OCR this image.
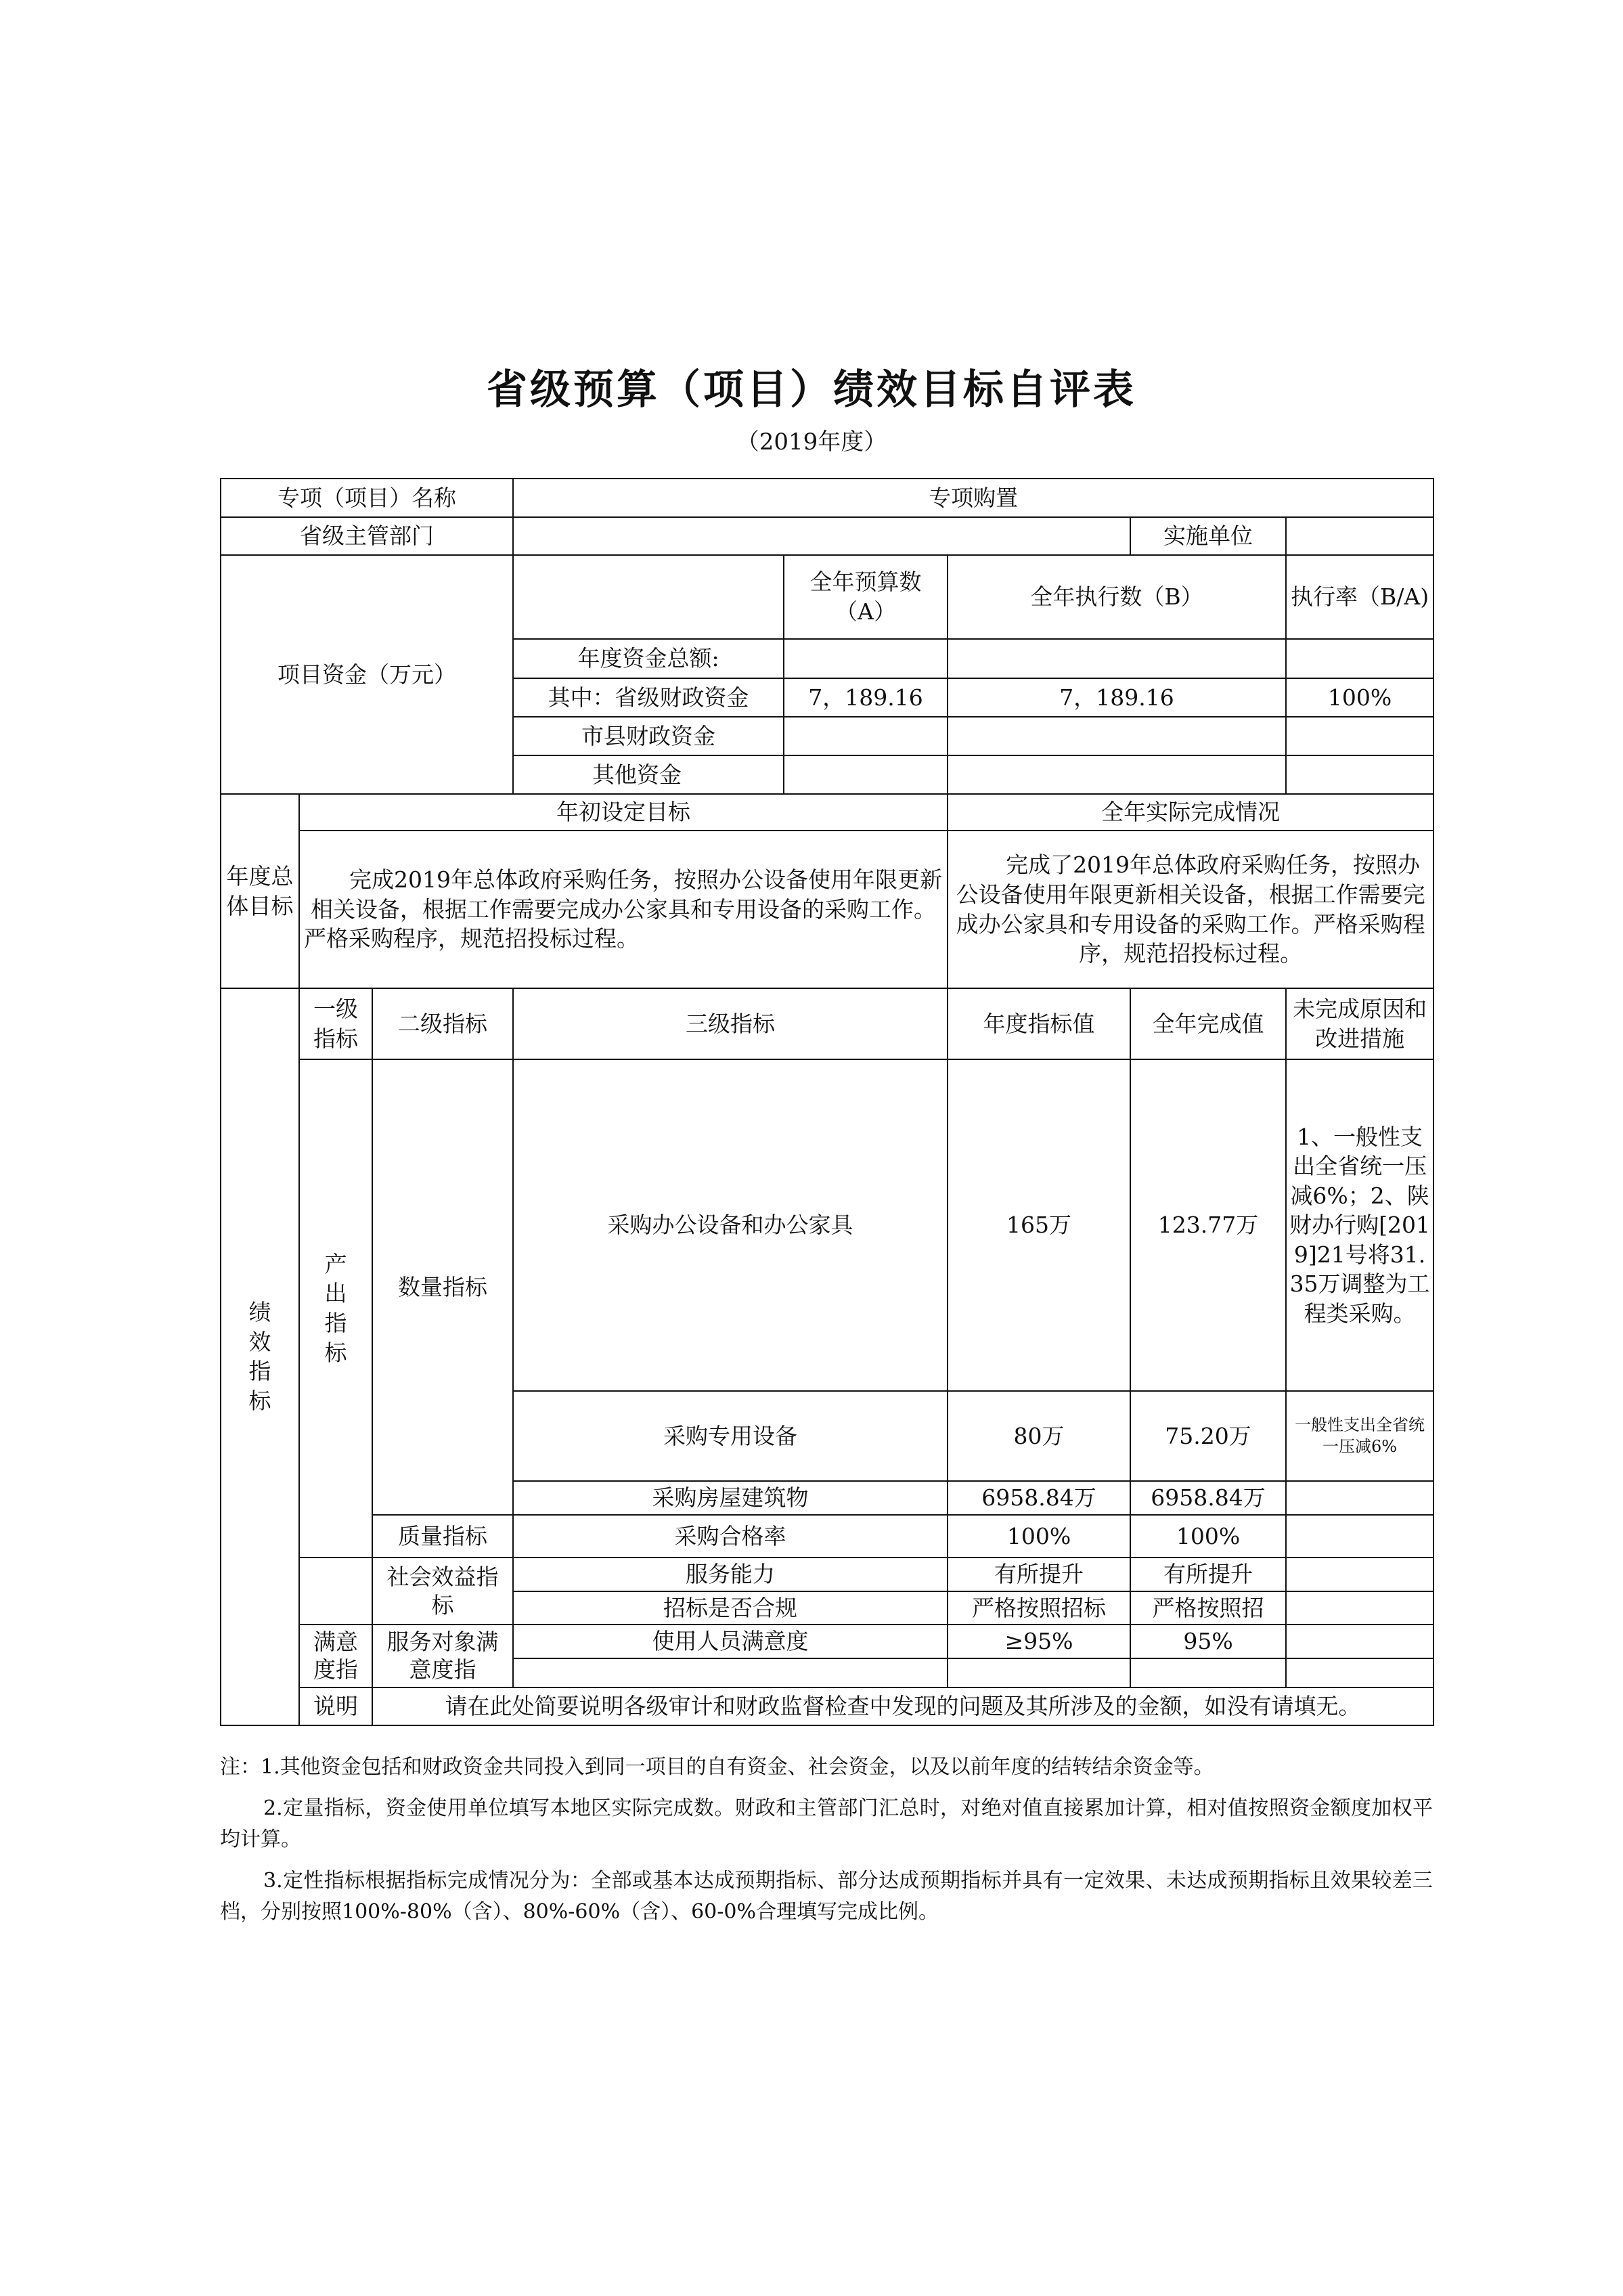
省级预算（项目）绩效目标自评表
（2019年度）
专项（项目）名称			专项购置				
省级主管部门						实施单位	
项目资金（万元）				全年预算数（A）	全年执行数（B）		执行率（B/A)
			年度资金总额:				
			其中：省级财政资金	7，189.16	7，189.16		100%
			市县财政资金				
			其他资金				
年度总体目标	年初设定目标				全年实际完成情况		
	完成2019年总体政府采购任务，按照办公设备使用年限更新相关设备，根据工作需要完成办公家具和专用设备的采购工作。严格采购程序，规范招投标过程。				完成了2019年总体政府采购任务，按照办公设备使用年限更新相关设备，根据工作需要完成办公家具和专用设备的采购工作。严格采购程序，规范招投标过程。		
绩效指标	一级指标	二级指标	三级指标		年度指标值	全年完成值	未完成原因和改进措施
	产出指标	数量指标	采购办公设备和办公家具		165万	123.77万	1、一般性支出全省统一压减6%；2、陕财办行购[2019]21号将31.35万调整为工程类采购。
			采购专用设备		80万	75.20万	一般性支出全省统一压减6%
			采购房屋建筑物		6958.84万	6958.84万	
		质量指标	采购合格率		100%	100%	
		社会效益指标	服务能力		有所提升	有所提升	
			招标是否合规		严格按照招标	严格按照招	
	满意度指	服务对象满意度指	使用人员满意度		≥95%	95%	

	说明	请在此处简要说明各级审计和财政监督检查中发现的问题及其所涉及的金额，如没有请填无。					

注：1.其他资金包括和财政资金共同投入到同一项目的自有资金、社会资金，以及以前年度的结转结余资金等。

2.定量指标，资金使用单位填写本地区实际完成数。财政和主管部门汇总时，对绝对值直接累加计算，相对值按照资金额度加权平均计算。

3.定性指标根据指标完成情况分为：全部或基本达成预期指标、部分达成预期指标并具有一定效果、未达成预期指标且效果较差三档，分别按照100%-80%（含）、80%-60%（含）、60-0%合理填写完成比例。
